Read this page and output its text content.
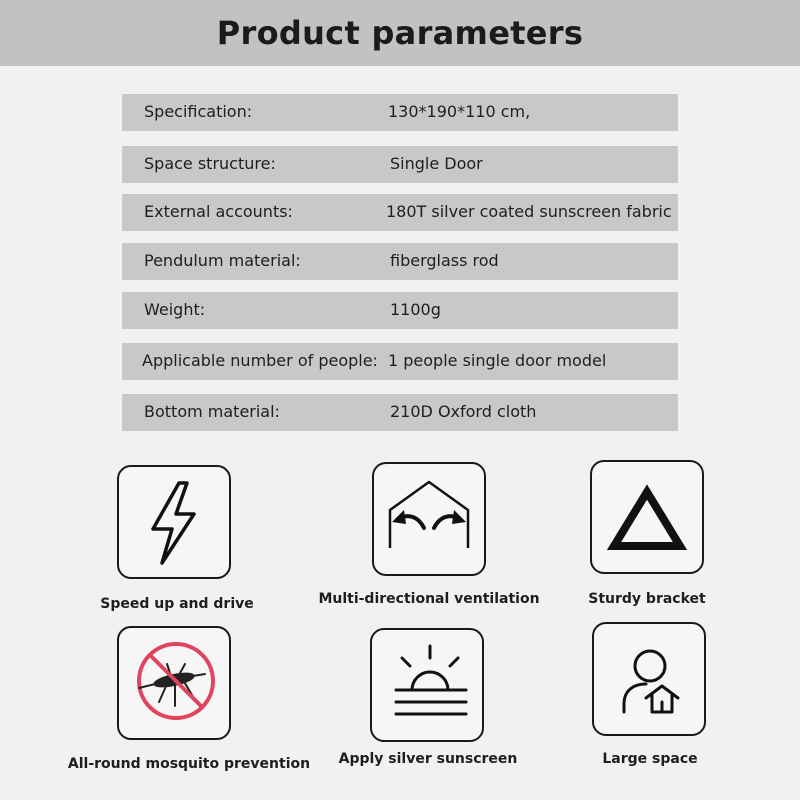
Product parameters
Specification:	130*190*110 cm,
Space structure:	Single Door
External accounts:	180T silver coated sunscreen fabric
Pendulum material:	fiberglass rod
Weight:	1100g
Applicable number of people: 1 people single door model
Bottom material:	210D Oxford cloth
Speed up and drive	Multi-directional ventilation	Sturdy bracket
All-round mosquito prevention	Apply silver sunscreen	Large space
